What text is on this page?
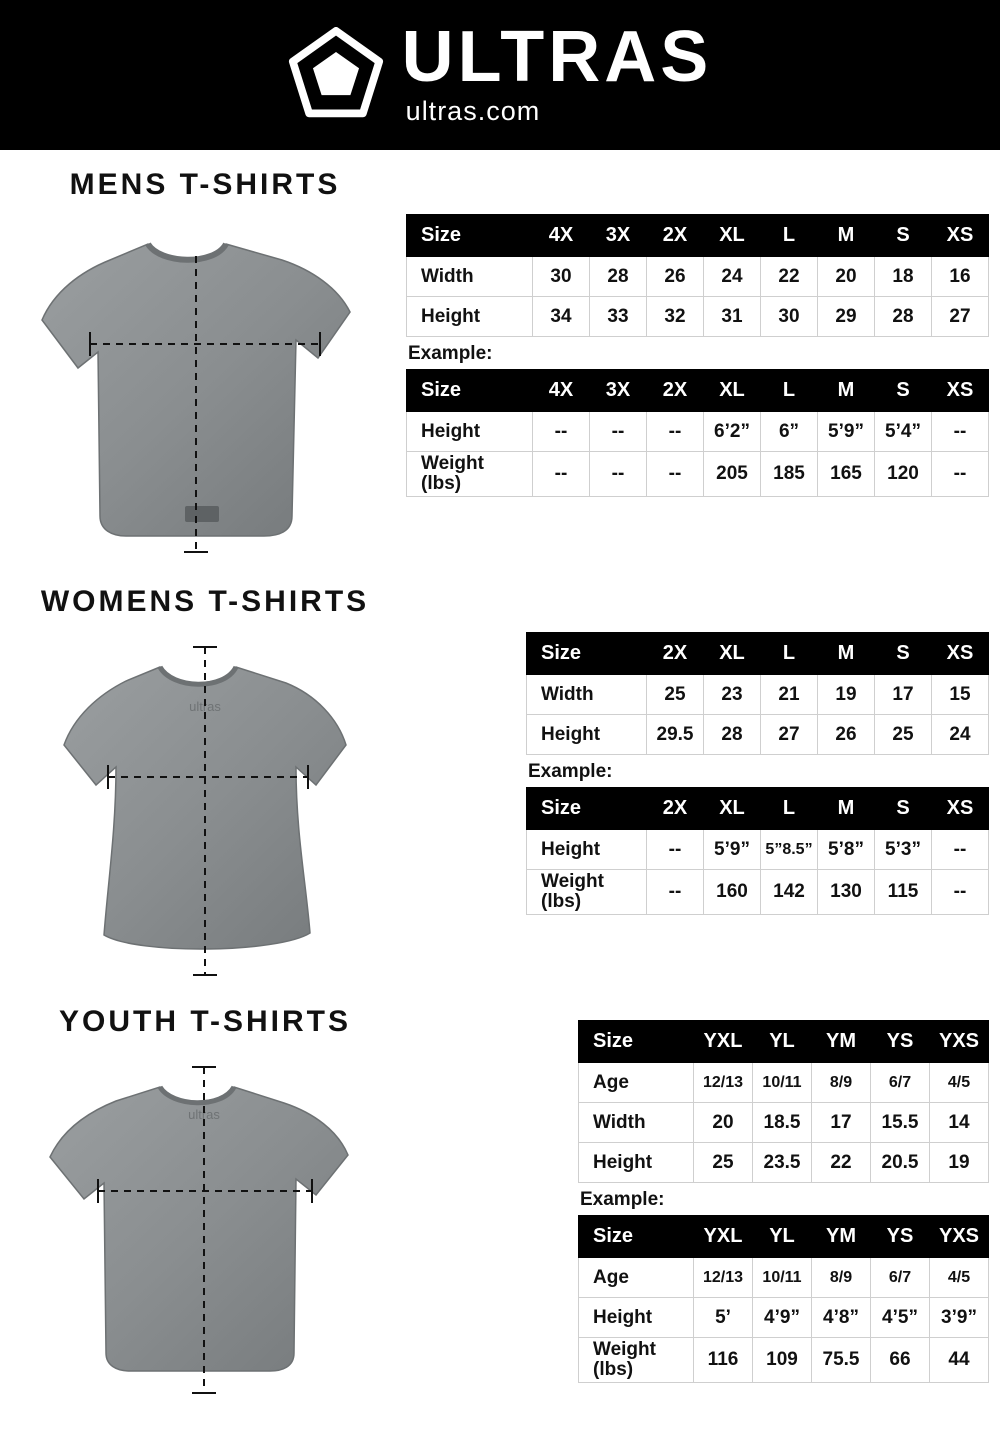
ULTRAS
ultras.com
MENS T-SHIRTS
Size	4X	3X	2X	XL	L	M	S	XS
Width	30	28	26	24	22	20	18	16
Height	34	33	32	31	30	29	28	27
Example:
Size	4X	3X	2X	XL	L	M	S	XS
Height	--	--	--	6’2”	6”	5’9”	5’4”	--
Weight (lbs)	--	--	--	205	185	165	120	--
WOMENS T-SHIRTS
ultras
Size	2X	XL	L	M	S	XS
Width	25	23	21	19	17	15
Height	29.5	28	27	26	25	24
Example:
Size	2X	XL	L	M	S	XS
Height	--	5’9”	5”8.5”	5’8”	5’3”	--
Weight (lbs)	--	160	142	130	115	--
YOUTH T-SHIRTS
ultras
Size	YXL	YL	YM	YS	YXS
Age	12/13	10/11	8/9	6/7	4/5
Width	20	18.5	17	15.5	14
Height	25	23.5	22	20.5	19
Example:
Size	YXL	YL	YM	YS	YXS
Age	12/13	10/11	8/9	6/7	4/5
Height	5’	4’9”	4’8”	4’5”	3’9”
Weight (lbs)	116	109	75.5	66	44
